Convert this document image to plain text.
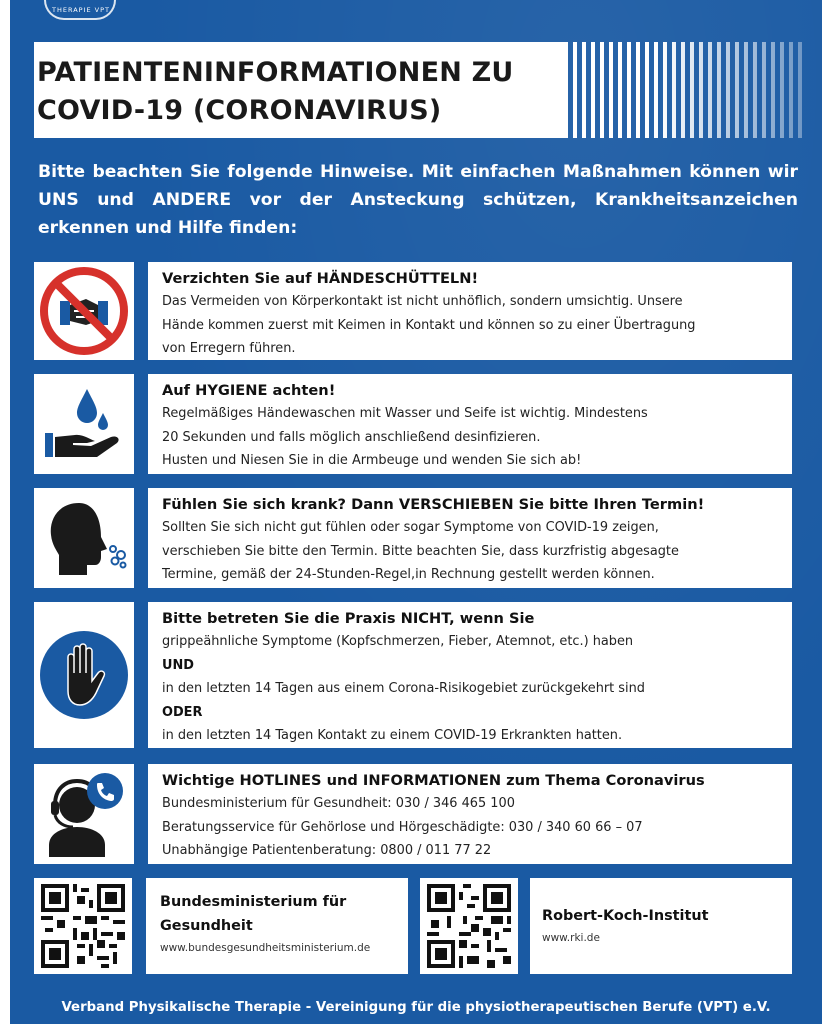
THERAPIE VPT
PATIENTENINFORMATIONEN ZU
COVID-19 (CORONAVIRUS)
Bitte beachten Sie folgende Hinweise. Mit einfachen Maßnahmen können wir UNS und ANDERE vor der Ansteckung schützen, Krankheitsanzeichen erkennen und Hilfe finden:
Verzichten Sie auf HÄNDESCHÜTTELN!
Das Vermeiden von Körperkontakt ist nicht unhöflich, sondern umsichtig. Unsere
Hände kommen zuerst mit Keimen in Kontakt und können so zu einer Übertragung
von Erregern führen.
Auf HYGIENE achten!
Regelmäßiges Händewaschen mit Wasser und Seife ist wichtig. Mindestens
20 Sekunden und falls möglich anschließend desinfizieren.
Husten und Niesen Sie in die Armbeuge und wenden Sie sich ab!
Fühlen Sie sich krank? Dann VERSCHIEBEN Sie bitte Ihren Termin!
Sollten Sie sich nicht gut fühlen oder sogar Symptome von COVID-19 zeigen,
verschieben Sie bitte den Termin. Bitte beachten Sie, dass kurzfristig abgesagte
Termine, gemäß der 24-Stunden-Regel,in Rechnung gestellt werden können.
Bitte betreten Sie die Praxis NICHT, wenn Sie
grippeähnliche Symptome (Kopfschmerzen, Fieber, Atemnot, etc.) haben
UND
in den letzten 14 Tagen aus einem Corona-Risikogebiet zurückgekehrt sind
ODER
in den letzten 14 Tagen Kontakt zu einem COVID-19 Erkrankten hatten.
Wichtige HOTLINES und INFORMATIONEN zum Thema Coronavirus
Bundesministerium für Gesundheit: 030 / 346 465 100
Beratungsservice für Gehörlose und Hörgeschädigte: 030 / 340 60 66 – 07
Unabhängige Patientenberatung: 0800 / 011 77 22
Bundesministerium für
Gesundheit
www.bundesgesundheitsministerium.de
Robert-Koch-Institut
www.rki.de
Verband Physikalische Therapie - Vereinigung für die physiotherapeutischen Berufe (VPT) e.V.
